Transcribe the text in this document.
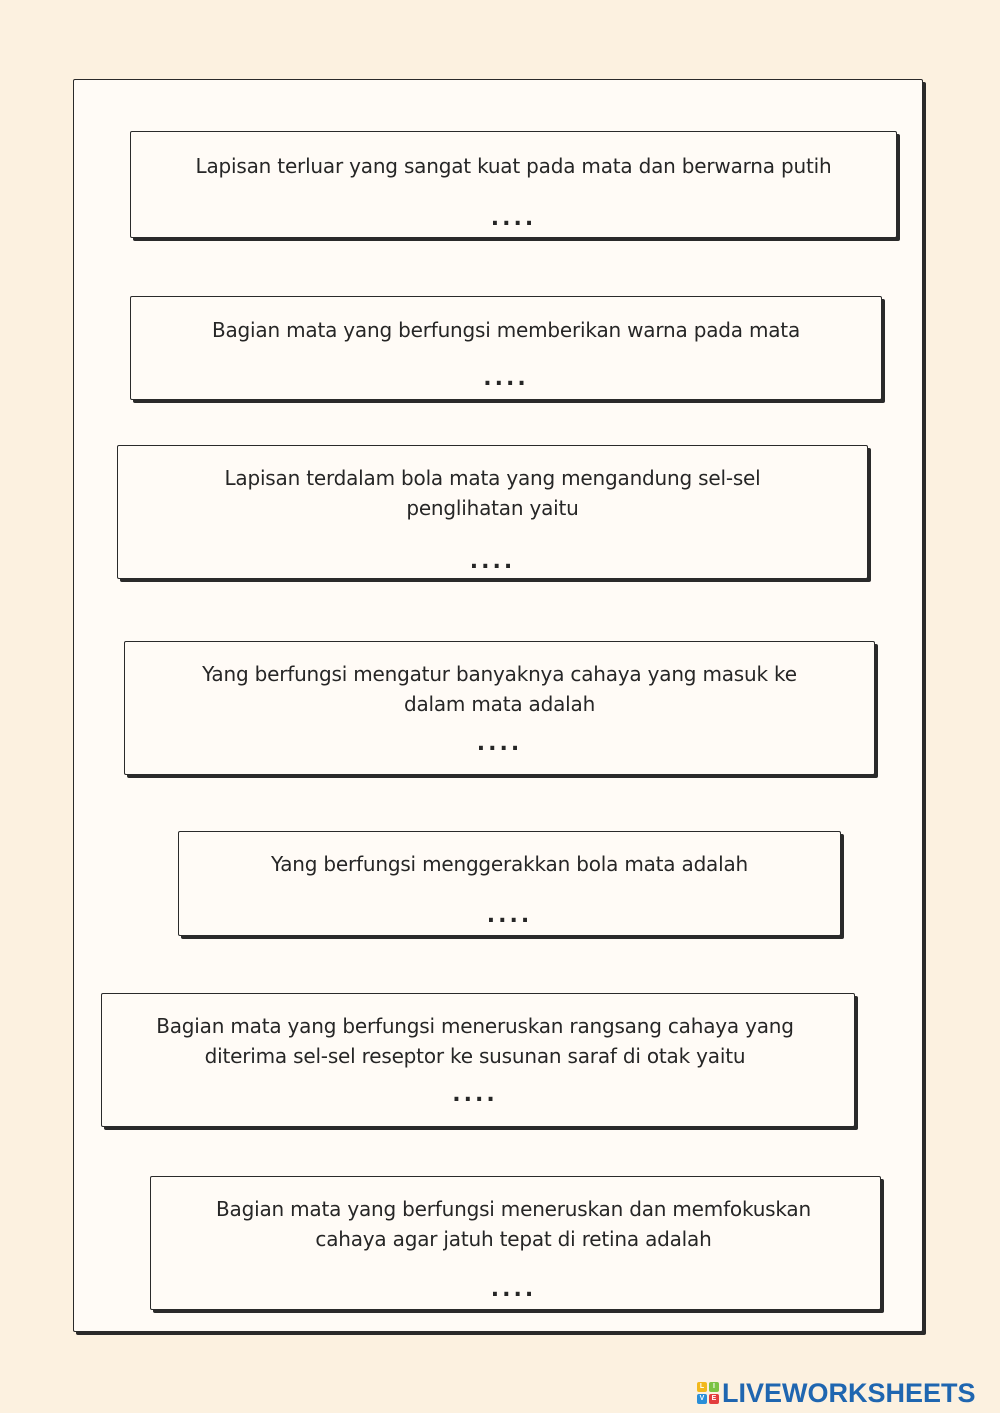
Lapisan terluar yang sangat kuat pada mata dan berwarna putih
....
Bagian mata yang berfungsi memberikan warna pada mata
....
Lapisan terdalam bola mata yang mengandung sel-sel
penglihatan yaitu
....
Yang berfungsi mengatur banyaknya cahaya yang masuk ke
dalam mata adalah
....
Yang berfungsi menggerakkan bola mata adalah
....
Bagian mata yang berfungsi meneruskan rangsang cahaya yang
diterima sel-sel reseptor ke susunan saraf di otak yaitu
....
Bagian mata yang berfungsi meneruskan dan memfokuskan
cahaya agar jatuh tepat di retina adalah
....
L	I
V	E LIVEWORKSHEETS
